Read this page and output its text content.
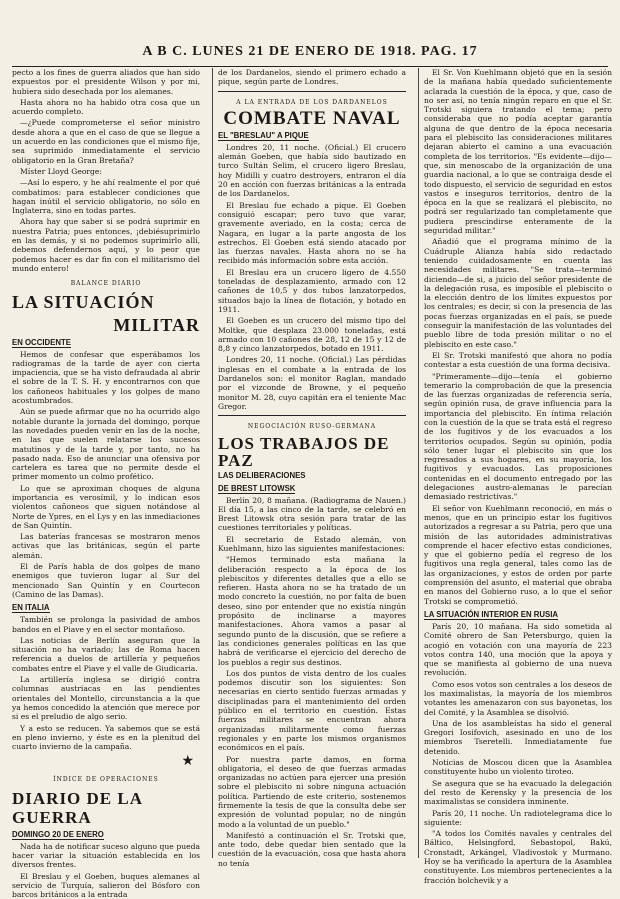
A B C. LUNES 21 DE ENERO DE 1918. PAG. 17

pecto a los fines de guerra aliados que han sido expuestos por el presidente Wilson y por mi, hubiera sido desechada por los alemanes.

Hasta ahora no ha habido otra cosa que un acuerdo completo.

—¿Puede comprometerse el señor ministro desde ahora a que en el caso de que se llegue a un acuerdo en las condiciones que el mismo fije, sea suprimido inmediatamente el servicio obligatorio en la Gran Bretaña?

Míster Lloyd George:

—Así lo espero, y he ahí realmente el por qué combatimos: para establecer condiciones que hagan inútil el servicio obligatorio, no sólo en Inglaterra, sino en todas partes.

Ahora hay que saber si se podrá suprimir en nuestra Patria; pues entonces, ¡debiésuprimirlo en las demás, y si no podemos suprimirlo allí, debemos defendernos aquí, y lo peor que podemos hacer es dar fin con el militarismo del mundo entero!

BALANCE DIARIO
LA SITUACIÓN
MILITAR
EN OCCIDENTE

Hemos de confesar que esperábamos los radiogramas de la tarde de ayer con cierta impaciencia, que se ha visto defraudada al abrir el sobre de la T. S. H. y encontrarnos con que los cañoneos habituales y los golpes de mano acostumbrados.

Aún se puede afirmar que no ha ocurrido algo notable durante la jornada del domingo, porque las novedades pueden venir en las de la noche, en las que suelen relatarse los sucesos matutinos y de la tarde y, por tanto, no ha pasado nada. Eso de anunciar una ofensiva por cartelera es tarea que no permite desde el primer momento un colmo profético.

Lo que se aproximan choques de alguna importancia es verosímil, y lo indican esos violentos cañoneos que siguen notándose al Norte de Ypres, en el Lys y en las inmediaciones de San Quintín.

Las baterías francesas se mostraron menos activas que las británicas, según el parte alemán.

El de París habla de dos golpes de mano enemigos que tuvieron lugar al Sur del mencionado San Quintín y en Courtecon (Camino de las Damas).

EN ITALIA

También se prolonga la pasividad de ambos bandos en el Piave y en el sector montañoso.

Las noticias de Berlín aseguran que la situación no ha variado; las de Roma hacen referencia a duelos de artillería y pequeños combates entre el Piave y el valle de Giudicaria.

La artillería inglesa se dirigió contra columnas austriacas en las pendientes orientales del Montello, circunstancia a la que ya hemos concedido la atención que merece por si es el preludio de algo serio.

Y a esto se reducen. Ya sabemos que se está en pleno invierno, y éste es en la plenitud del cuarto invierno de la campaña.

★
ÍNDICE DE OPERACIONES
DIARIO DE LA GUERRA
DOMINGO 20 DE ENERO

Nada ha de notificar suceso alguno que pueda hacer variar la situación establecida en los diversos frentes.

El Breslau y el Goeben, buques alemanes al servicio de Turquía, salieron del Bósforo con barcos británicos a la entrada

de los Dardanelos, siendo el primero echado a pique, según parte de Londres.

A LA ENTRADA DE LOS DARDANELOS
COMBATE NAVAL
EL "BRESLAU" A PIQUE

Londres 20, 11 noche. (Oficial.) El crucero alemán Goeben, que había sido bautizado en turco Sultán Selim, el crucero ligero Breslau, hoy Midilli y cuatro destroyers, entraron el día 20 en acción con fuerzas británicas a la entrada de los Dardanelos.

El Breslau fue echado a pique. El Goeben consiguió escapar; pero tuvo que varar, gravemente averiado, en la costa; cerca de Nagara, en lugar a la parte angosta de los estrechos. El Goeben está siendo atacado por las fuerzas navales. Hasta ahora no se ha recibido más información sobre esta acción.

El Breslau era un crucero ligero de 4.550 toneladas de desplazamiento, armado con 12 cañones de 10,5 y dos tubos lanzatorpedos, situados bajo la línea de flotación, y botado en 1911.

El Goeben es un crucero del mismo tipo del Moltke, que desplaza 23.000 toneladas, está armado con 10 cañones de 28, 12 de 15 y 12 de 8,8 y cinco lanzatorpedos, botado en 1911.

Londres 20, 11 noche. (Oficial.) Las pérdidas inglesas en el combate a la entrada de los Dardanelos son: el monitor Raglan, mandado por el vizconde de Browne, y el pequeño monitor M. 28, cuyo capitán era el teniente Mac Gregor.

NEGOCIACIÓN RUSO-GERMANA
LOS TRABAJOS DE PAZ
LAS DELIBERACIONES
DE BREST LITOWSK

Berlín 20, 8 mañana. (Radiograma de Nauen.) El día 15, a las cinco de la tarde, se celebró en Brest Litowsk otra sesión para tratar de las cuestiones territoriales y políticas.

El secretario de Estado alemán, von Kuehlmann, hizo las siguientes manifestaciones:

"Hemos terminado esta mañana la deliberación respecto a la época de los plebiscitos y diferentes detalles que a ello se refieren. Hasta ahora no se ha tratado de un modo concreto la cuestión, no por falta de buen deseo, sino por entender que no existía ningún propósito de inclinarse a mayores manifestaciones. Ahora vamos a pasar al segundo punto de la discusión, que se refiere a las condiciones generales políticas en las que habrá de verificarse el ejercicio del derecho de los pueblos a regir sus destinos.

Los dos puntos de vista dentro de los cuales podemos discutir son los siguientes: Son necesarias en cierto sentido fuerzas armadas y disciplinadas para el mantenimiento del orden público en el territorio en cuestión. Estas fuerzas militares se encuentran ahora organizadas militarmente como fuerzas regionales y en parte los mismos organismos económicos en el país.

Por nuestra parte damos, en forma obligatoria, el deseo de que fuerzas armadas organizadas no actúen para ejercer una presión sobre el plebiscito ni sobre ninguna actuación política. Partiendo de este criterio, sostenemos firmemente la tesis de que la consulta debe ser expresión de voluntad popular, no de ningún modo a la voluntad de un pueblo."

Manifestó a continuación el Sr. Trotski que, ante todo, debe quedar bien sentado que la cuestión de la evacuación, cosa que hasta ahora no tenía

El Sr. Von Kuehlmann objetó que en la sesión de la mañana había quedado suficientemente aclarada la cuestión de la época, y que, caso de no ser así, no tenía ningún reparo en que el Sr. Trotski siguiera tratando el tema; pero consideraba que no podía aceptar garantía alguna de que dentro de la época necesaria para el plebiscito las consideraciones militares dejaran abierto el camino a una evacuación completa de los territorios. "Es evidente—dijo—que, sin menoscabo de la organización de una guardia nacional, a lo que se contraiga desde el todo dispuesto, el servicio de seguridad en estos vastos e inseguros territorios, dentro de la época en la que se realizará el plebiscito, no podrá ser regularizado tan completamente que pudiera prescindirse enteramente de la seguridad militar."

Añadió que el programa mínimo de la Cuádruple Alianza había sido redactado teniendo cuidadosamente en cuenta las necesidades militares. "Se trata—terminó diciendo—de si, a juicio del señor presidente de la delegación rusa, es imposible el plebiscito o la elección dentro de los límites expuestos por los centrales; es decir, si con la presencia de las pocas fuerzas organizadas en el país, se puede conseguir la manifestación de las voluntades del pueblo libre de toda presión militar o no el plebiscito en este caso."

El Sr. Trotski manifestó que ahora no podía contestar a esta cuestión de una forma decisiva.

"Primeramente—dijo—tenía el gobierno temerario la comprobación de que la presencia de las fuerzas organizadas de referencia sería, según opinión rusa, de grave influencia para la importancia del plebiscito. En íntima relación con la cuestión de la que se trata está el regreso de los fugitivos y de los evacuados a los territorios ocupados. Según su opinión, podía sólo tener lugar el plebiscito sin que los regresados a sus hogares, en su mayoría, los fugitivos y evacuados. Las proposiciones contenidas en el documento entregado por las delegaciones austro-alemanas le parecían demasiado restrictivas."

El señor von Kuehlmann reconoció, en más o menos, que en un principio estar los fugitivos autorizados a regresar a su Patria, pero que una misión de las autoridades administrativas comprende el hacer efectivo estas condiciones, y que el gobierno pedía el regreso de los fugitivos una regla general, tales como las de las organizaciones, y estos de orden por parte comprensión del asunto, el material que obraba en manos del Gobierno ruso, a lo que el señor Trotski se comprometió.

LA SITUACIÓN INTERIOR EN RUSIA

París 20, 10 mañana. Ha sido sometida al Comité obrero de San Petersburgo, quien la acogió en votación con una mayoría de 223 votos contra 140, una moción que la apoya y que se manifiesta al gobierno de una nueva revolución.

Como esos votos son centrales a los deseos de los maximalistas, la mayoría de los miembros votantes les amenazaron con sus bayonetas, los del Comité, y la Asamblea se disolvió.

Una de los asambleístas ha sido el general Gregori Iosifovich, asesinado en uno de los miembros Tseretelli. Inmediatamente fue detenido.

Noticias de Moscou dicen que la Asamblea constituyente hubo un violento tiroteo.

Se asegura que se ha evacuado la delegación del resto de Kerensky y la presencia de los maximalistas se considera inminente.

París 20, 11 noche. Un radiotelegrama dice lo siguiente:

"A todos los Comités navales y centrales del Báltico, Helsingford, Sebastopol, Bakú, Cronstadt, Arkángel, Vladivostok y Murmano. Hoy se ha verificado la apertura de la Asamblea constituyente. Los miembros pertenecientes a la fracción bolchevik y a
